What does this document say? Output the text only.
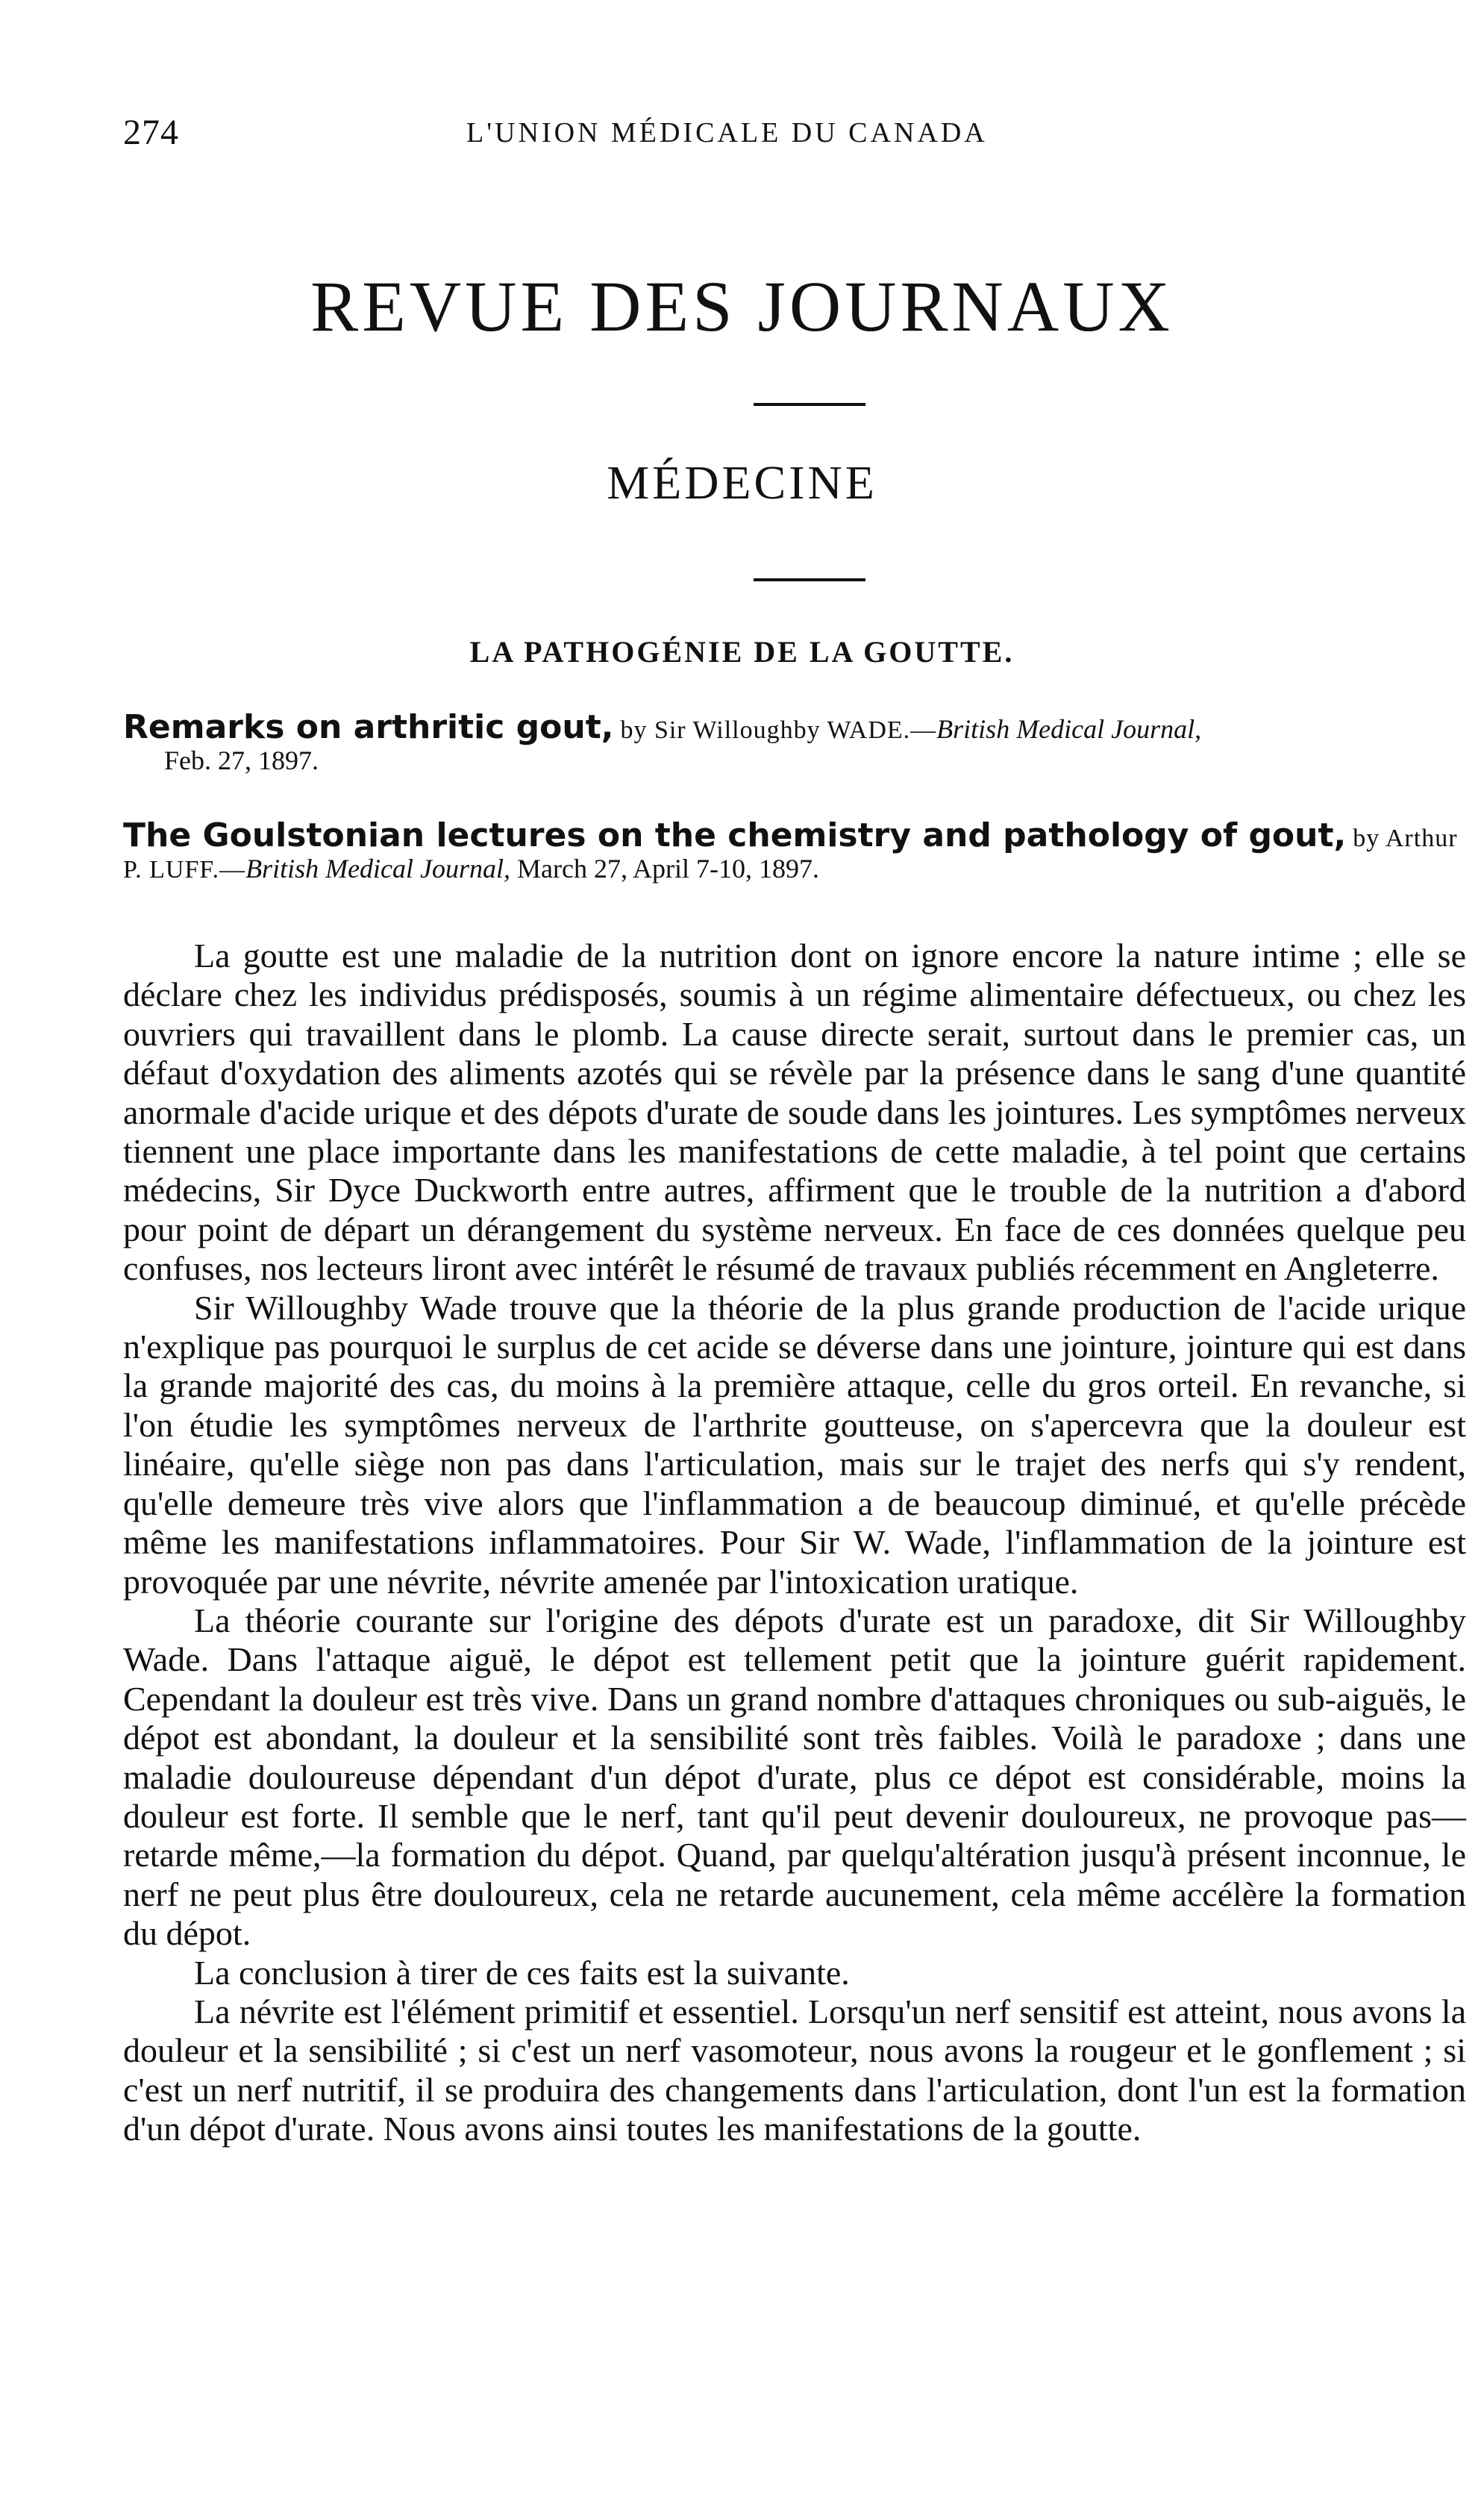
274	L'UNION MÉDICALE DU CANADA
REVUE DES JOURNAUX
MÉDECINE
LA PATHOGÉNIE DE LA GOUTTE.
Remarks on arthritic gout, by Sir Willoughby WADE.—British Medical Journal,
Feb. 27, 1897.
The Goulstonian lectures on the chemistry and pathology of gout, by Arthur P. LUFF.—British Medical Journal, March 27, April 7-10, 1897.

La goutte est une maladie de la nutrition dont on ignore encore la nature intime ; elle se déclare chez les individus prédisposés, soumis à un régime alimentaire défectueux, ou chez les ouvriers qui travaillent dans le plomb. La cause directe serait, surtout dans le premier cas, un défaut d'oxydation des aliments azotés qui se révèle par la présence dans le sang d'une quantité anormale d'acide urique et des dépots d'urate de soude dans les jointures. Les symptômes nerveux tiennent une place importante dans les manifestations de cette maladie, à tel point que certains médecins, Sir Dyce Duckworth entre autres, affirment que le trouble de la nutrition a d'abord pour point de départ un dérangement du système nerveux. En face de ces données quelque peu confuses, nos lecteurs liront avec intérêt le résumé de travaux publiés récemment en Angleterre.

Sir Willoughby Wade trouve que la théorie de la plus grande production de l'acide urique n'explique pas pourquoi le surplus de cet acide se déverse dans une jointure, jointure qui est dans la grande majorité des cas, du moins à la première attaque, celle du gros orteil. En revanche, si l'on étudie les symptômes nerveux de l'arthrite goutteuse, on s'apercevra que la douleur est linéaire, qu'elle siège non pas dans l'articulation, mais sur le trajet des nerfs qui s'y rendent, qu'elle demeure très vive alors que l'inflammation a de beaucoup diminué, et qu'elle précède même les manifestations inflammatoires. Pour Sir W. Wade, l'inflammation de la jointure est provoquée par une névrite, névrite amenée par l'intoxication uratique.

La théorie courante sur l'origine des dépots d'urate est un paradoxe, dit Sir Willoughby Wade. Dans l'attaque aiguë, le dépot est tellement petit que la jointure guérit rapidement. Cependant la douleur est très vive. Dans un grand nombre d'attaques chroniques ou sub-aiguës, le dépot est abondant, la douleur et la sensibilité sont très faibles. Voilà le paradoxe ; dans une maladie douloureuse dépendant d'un dépot d'urate, plus ce dépot est considérable, moins la douleur est forte. Il semble que le nerf, tant qu'il peut devenir douloureux, ne provoque pas—retarde même,—la formation du dépot. Quand, par quelqu'altération jusqu'à présent inconnue, le nerf ne peut plus être douloureux, cela ne retarde aucunement, cela même accélère la formation du dépot.

La conclusion à tirer de ces faits est la suivante.

La névrite est l'élément primitif et essentiel. Lorsqu'un nerf sensitif est atteint, nous avons la douleur et la sensibilité ; si c'est un nerf vasomoteur, nous avons la rougeur et le gonflement ; si c'est un nerf nutritif, il se produira des changements dans l'articulation, dont l'un est la formation d'un dépot d'urate. Nous avons ainsi toutes les manifestations de la goutte.
